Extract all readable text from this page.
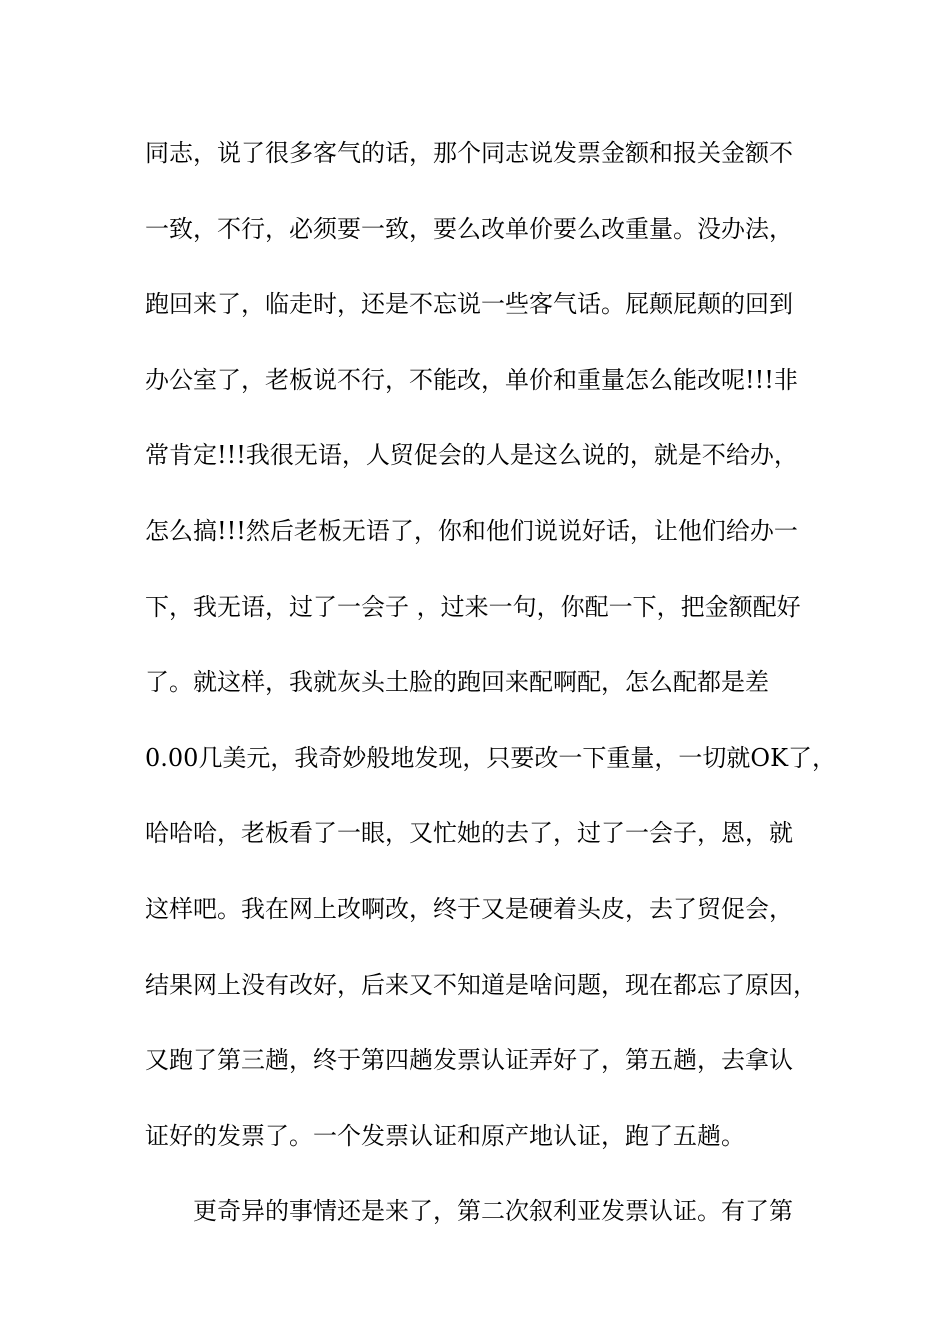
同志，说了很多客气的话，那个同志说发票金额和报关金额不
一致，不行，必须要一致，要么改单价要么改重量。没办法，
跑回来了，临走时，还是不忘说一些客气话。屁颠屁颠的回到
办公室了，老板说不行，不能改，单价和重量怎么能改呢!!!非
常肯定!!!我很无语，人贸促会的人是这么说的，就是不给办，
怎么搞!!!然后老板无语了，你和他们说说好话，让他们给办一
下，我无语，过了一会子 ，过来一句，你配一下，把金额配好
了。就这样，我就灰头土脸的跑回来配啊配，怎么配都是差
0.00几美元，我奇妙般地发现，只要改一下重量，一切就OK了，
哈哈哈，老板看了一眼，又忙她的去了，过了一会子，恩，就
这样吧。我在网上改啊改，终于又是硬着头皮，去了贸促会，
结果网上没有改好，后来又不知道是啥问题，现在都忘了原因，
又跑了第三趟，终于第四趟发票认证弄好了，第五趟，去拿认
证好的发票了。一个发票认证和原产地认证，跑了五趟。
更奇异的事情还是来了，第二次叙利亚发票认证。有了第
